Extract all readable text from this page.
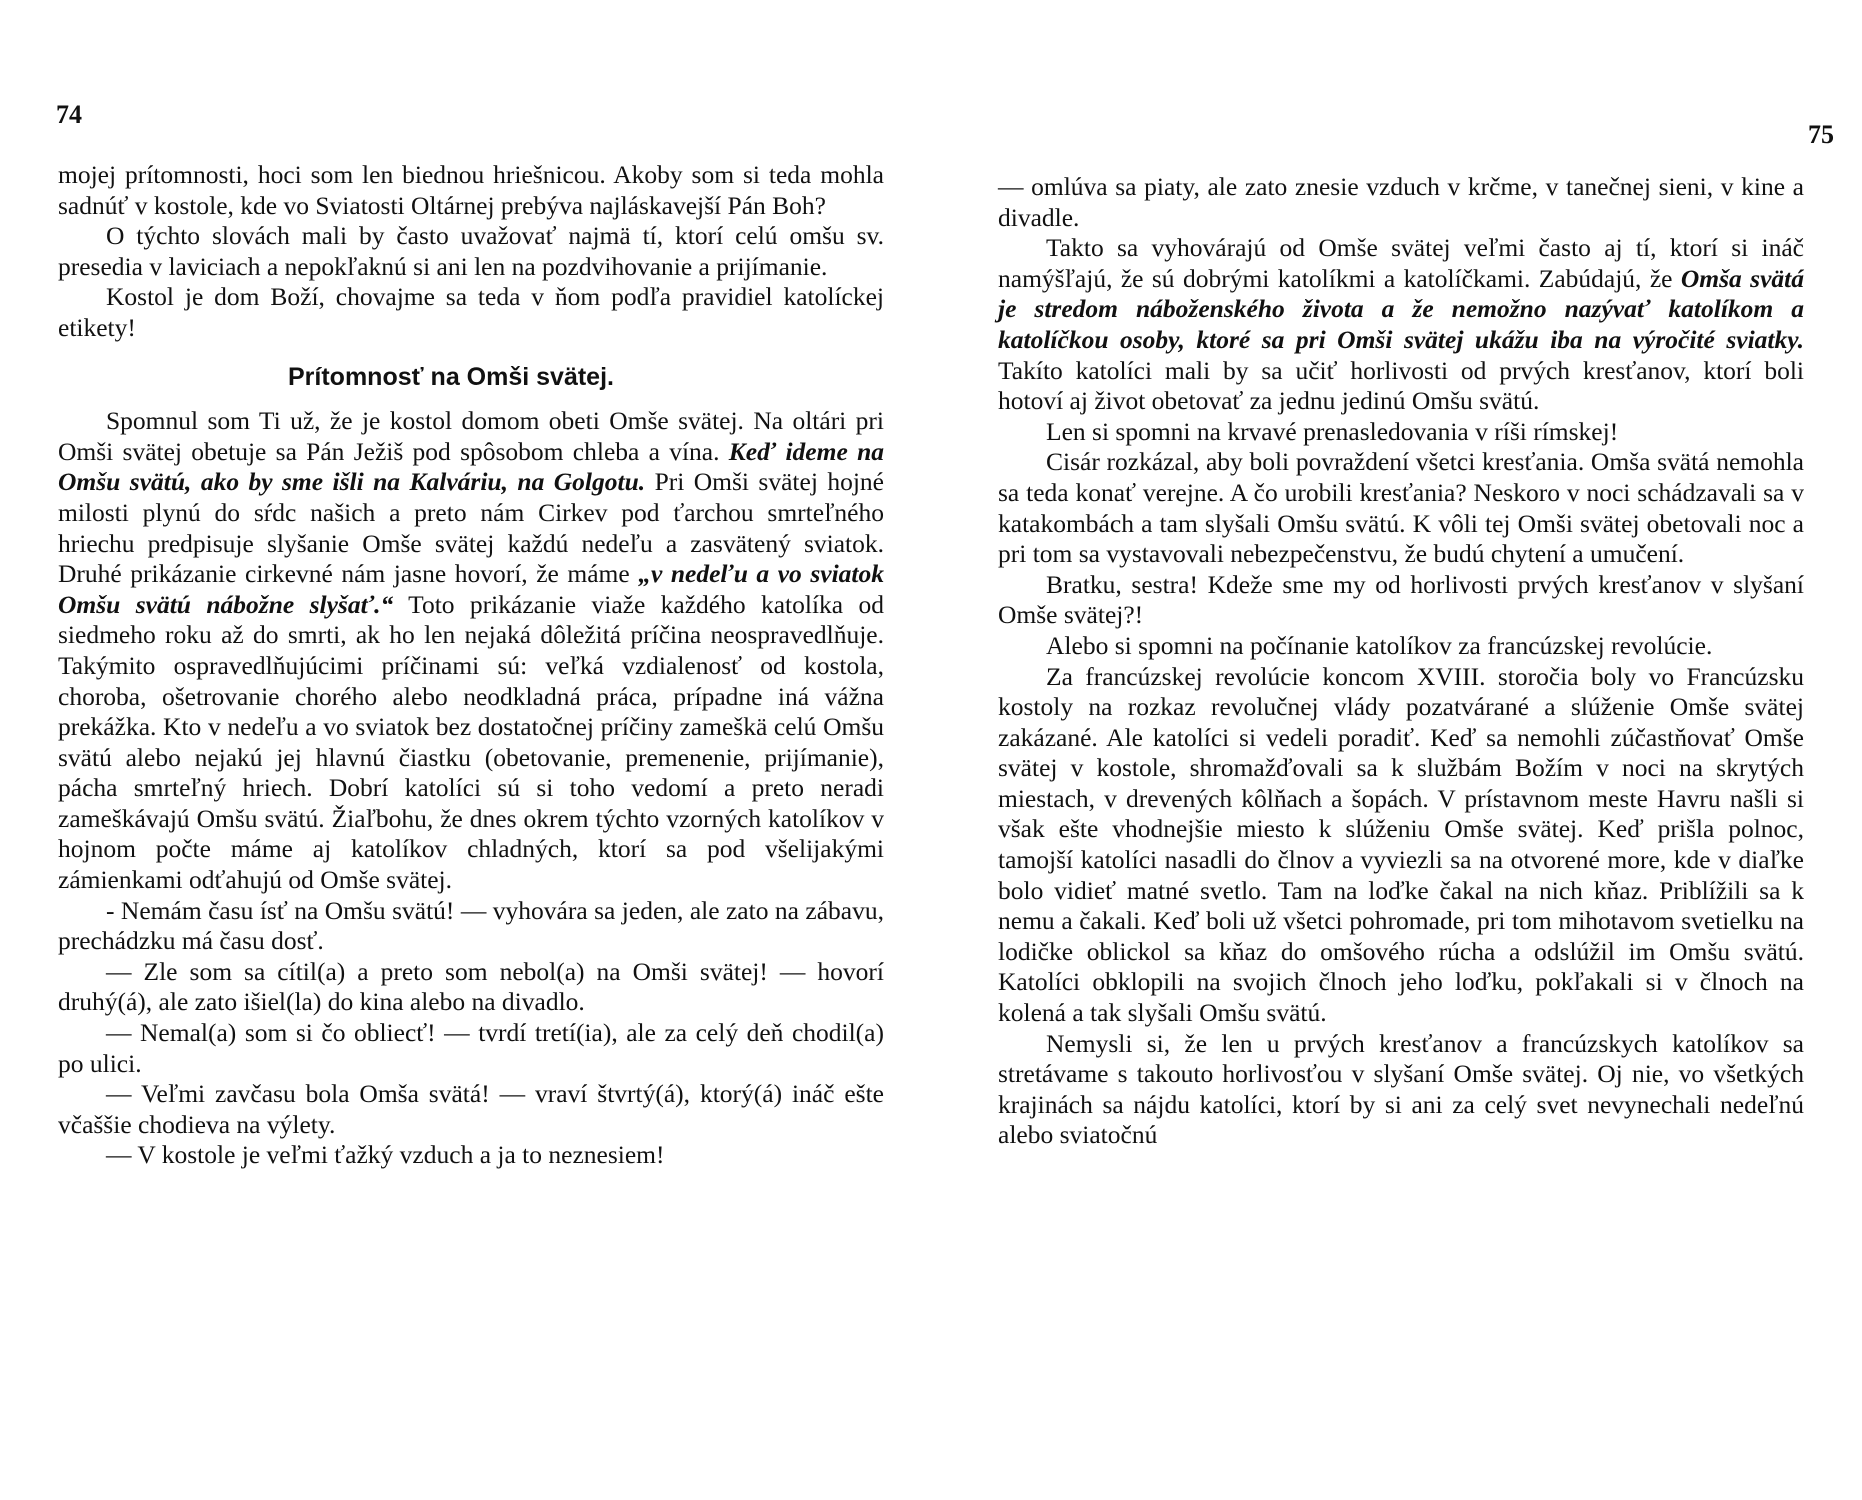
74

mojej prítomnosti, hoci som len biednou hriešnicou. Akoby som si teda mohla sadnúť v kostole, kde vo Sviatosti Oltárnej prebýva najláskavejší Pán Boh?

O týchto slovách mali by často uvažovať najmä tí, ktorí celú omšu sv. presedia v laviciach a nepokľaknú si ani len na pozdvihovanie a prijímanie.

Kostol je dom Boží, chovajme sa teda v ňom podľa pravidiel katolíckej etikety!

Prítomnosť na Omši svätej.

Spomnul som Ti už, že je kostol domom obeti Omše svätej. Na oltári pri Omši svätej obetuje sa Pán Ježiš pod spôsobom chleba a vína. Keď ideme na Omšu svätú, ako by sme išli na Kalváriu, na Golgotu. Pri Omši svätej hojné milosti plynú do sŕdc našich a preto nám Cirkev pod ťarchou smrteľného hriechu predpisuje slyšanie Omše svätej každú nedeľu a zasvätený sviatok. Druhé prikázanie cirkevné nám jasne hovorí, že máme „v nedeľu a vo sviatok Omšu svätú nábožne slyšať.“ Toto prikázanie viaže každého katolíka od siedmeho roku až do smrti, ak ho len nejaká dôležitá príčina neospravedlňuje. Takýmito ospravedlňujúcimi príčinami sú: veľká vzdialenosť od kostola, choroba, ošetrovanie chorého alebo neodkladná práca, prípadne iná vážna prekážka. Kto v nedeľu a vo sviatok bez dostatočnej príčiny zameškä celú Omšu svätú alebo nejakú jej hlavnú čiastku (obetovanie, premenenie, prijímanie), pácha smrteľný hriech. Dobrí katolíci sú si toho vedomí a preto neradi zameškávajú Omšu svätú. Žiaľbohu, že dnes okrem týchto vzorných katolíkov v hojnom počte máme aj katolíkov chladných, ktorí sa pod všelijakými zámienkami odťahujú od Omše svätej.

- Nemám času ísť na Omšu svätú! — vyhovára sa jeden, ale zato na zábavu, prechádzku má času dosť.

— Zle som sa cítil(a) a preto som nebol(a) na Omši svätej! — hovorí druhý(á), ale zato išiel(la) do kina alebo na divadlo.

— Nemal(a) som si čo obliecť! — tvrdí tretí(ia), ale za celý deň chodil(a) po ulici.

— Veľmi zavčasu bola Omša svätá! — vraví štvrtý(á), ktorý(á) ináč ešte včaššie chodieva na výlety.

— V kostole je veľmi ťažký vzduch a ja to neznesiem!

75

— omlúva sa piaty, ale zato znesie vzduch v krčme, v tanečnej sieni, v kine a divadle.

Takto sa vyhovárajú od Omše svätej veľmi často aj tí, ktorí si ináč namýšľajú, že sú dobrými katolíkmi a katolíčkami. Zabúdajú, že Omša svätá je stredom náboženského života a že nemožno nazývať katolíkom a katolíčkou osoby, ktoré sa pri Omši svätej ukážu iba na výročité sviatky. Takíto katolíci mali by sa učiť horlivosti od prvých kresťanov, ktorí boli hotoví aj život obetovať za jednu jedinú Omšu svätú.

Len si spomni na krvavé prenasledovania v ríši rímskej!

Cisár rozkázal, aby boli povraždení všetci kresťania. Omša svätá nemohla sa teda konať verejne. A čo urobili kresťania? Neskoro v noci schádzavali sa v katakombách a tam slyšali Omšu svätú. K vôli tej Omši svätej obetovali noc a pri tom sa vystavovali nebezpečenstvu, že budú chytení a umučení.

Bratku, sestra! Kdeže sme my od horlivosti prvých kresťanov v slyšaní Omše svätej?!

Alebo si spomni na počínanie katolíkov za francúzskej revolúcie.

Za francúzskej revolúcie koncom XVIII. storočia boly vo Francúzsku kostoly na rozkaz revolučnej vlády pozatvárané a slúženie Omše svätej zakázané. Ale katolíci si vedeli poradiť. Keď sa nemohli zúčastňovať Omše svätej v kostole, shromažďovali sa k službám Božím v noci na skrytých miestach, v drevených kôlňach a šopách. V prístavnom meste Havru našli si však ešte vhodnejšie miesto k slúženiu Omše svätej. Keď prišla polnoc, tamojší katolíci nasadli do člnov a vyviezli sa na otvorené more, kde v diaľke bolo vidieť matné svetlo. Tam na loďke čakal na nich kňaz. Priblížili sa k nemu a čakali. Keď boli už všetci pohromade, pri tom mihotavom svetielku na lodičke oblickol sa kňaz do omšového rúcha a odslúžil im Omšu svätú. Katolíci obklopili na svojich člnoch jeho loďku, pokľakali si v člnoch na kolená a tak slyšali Omšu svätú.

Nemysli si, že len u prvých kresťanov a francúzskych katolíkov sa stretávame s takouto horlivosťou v slyšaní Omše svätej. Oj nie, vo všetkých krajinách sa nájdu katolíci, ktorí by si ani za celý svet nevynechali nedeľnú alebo sviatočnú
